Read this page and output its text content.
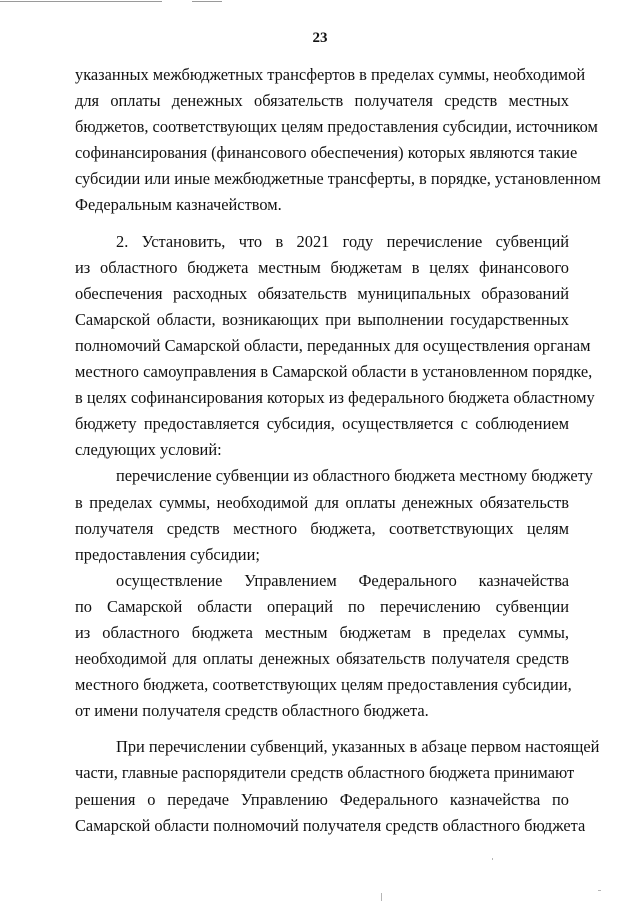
23
указанных межбюджетных трансфертов в пределах суммы, необходимой
для оплаты денежных обязательств получателя средств местных
бюджетов, соответствующих целям предоставления субсидии, источником
софинансирования (финансового обеспечения) которых являются такие
субсидии или иные межбюджетные трансферты, в порядке, установленном
Федеральным казначейством.
2. Установить, что в 2021 году перечисление субвенций
из областного бюджета местным бюджетам в целях финансового
обеспечения расходных обязательств муниципальных образований
Самарской области, возникающих при выполнении государственных
полномочий Самарской области, переданных для осуществления органам
местного самоуправления в Самарской области в установленном порядке,
в целях софинансирования которых из федерального бюджета областному
бюджету предоставляется субсидия, осуществляется с соблюдением
следующих условий:
перечисление субвенции из областного бюджета местному бюджету
в пределах суммы, необходимой для оплаты денежных обязательств
получателя средств местного бюджета, соответствующих целям
предоставления субсидии;
осуществление Управлением Федерального казначейства
по Самарской области операций по перечислению субвенции
из областного бюджета местным бюджетам в пределах суммы,
необходимой для оплаты денежных обязательств получателя средств
местного бюджета, соответствующих целям предоставления субсидии,
от имени получателя средств областного бюджета.
При перечислении субвенций, указанных в абзаце первом настоящей
части, главные распорядители средств областного бюджета принимают
решения о передаче Управлению Федерального казначейства по
Самарской области полномочий получателя средств областного бюджета
